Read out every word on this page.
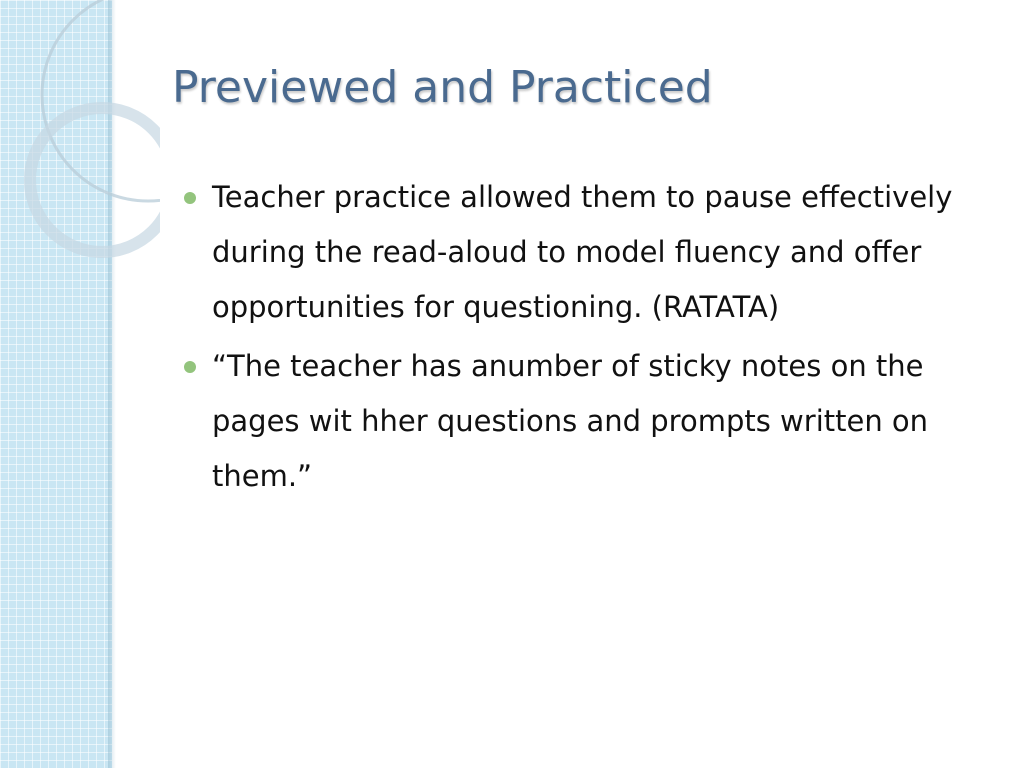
Previewed and Practiced
Teacher practice allowed them to pause effectively during the read-aloud to model fluency and offer opportunities for questioning. (RATATA)
“The teacher has anumber of sticky notes on the pages wit hher questions and prompts written on them.”
